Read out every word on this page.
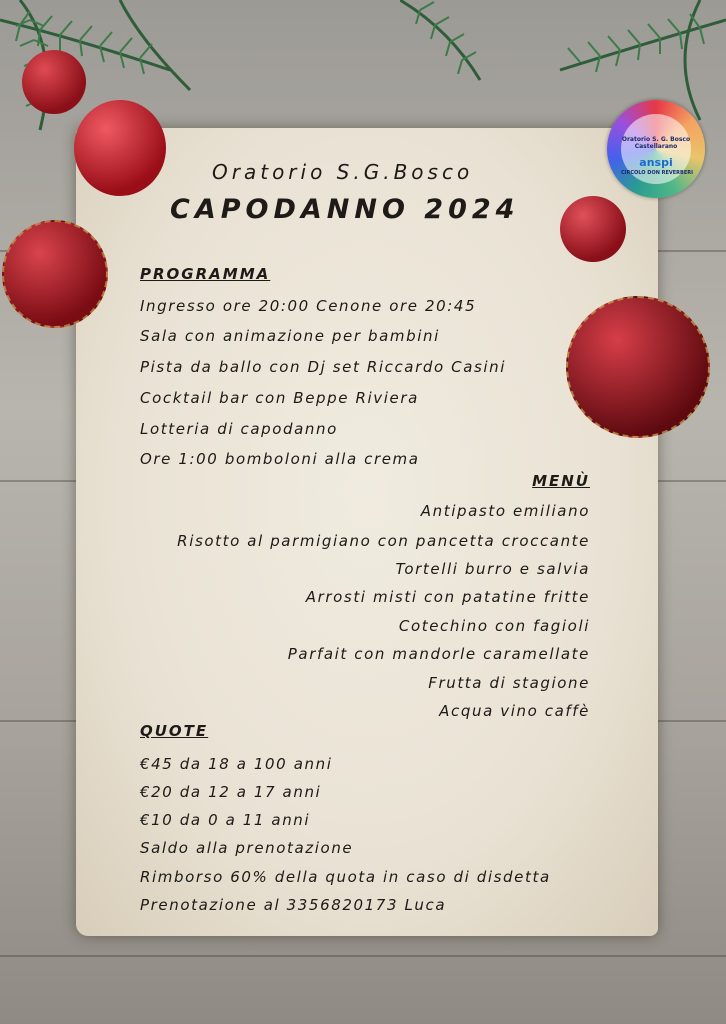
Oratorio S. G. Bosco Castellarano
anspi
CIRCOLO DON REVERBERI
Oratorio S.G.Bosco
CAPODANNO 2024
PROGRAMMA
Ingresso ore 20:00 Cenone ore 20:45
Sala con animazione per bambini
Pista da ballo con Dj set Riccardo Casini
Cocktail bar con Beppe Riviera
Lotteria di capodanno
Ore 1:00 bomboloni alla crema
MENÙ
Antipasto emiliano
Risotto al parmigiano con pancetta croccante
Tortelli burro e salvia
Arrosti misti con patatine fritte
Cotechino con fagioli
Parfait con mandorle caramellate
Frutta di stagione
Acqua vino caffè
QUOTE
€45 da 18 a 100 anni
€20 da 12 a 17 anni
€10 da 0 a 11 anni
Saldo alla prenotazione
Rimborso 60% della quota in caso di disdetta
Prenotazione al 3356820173 Luca
